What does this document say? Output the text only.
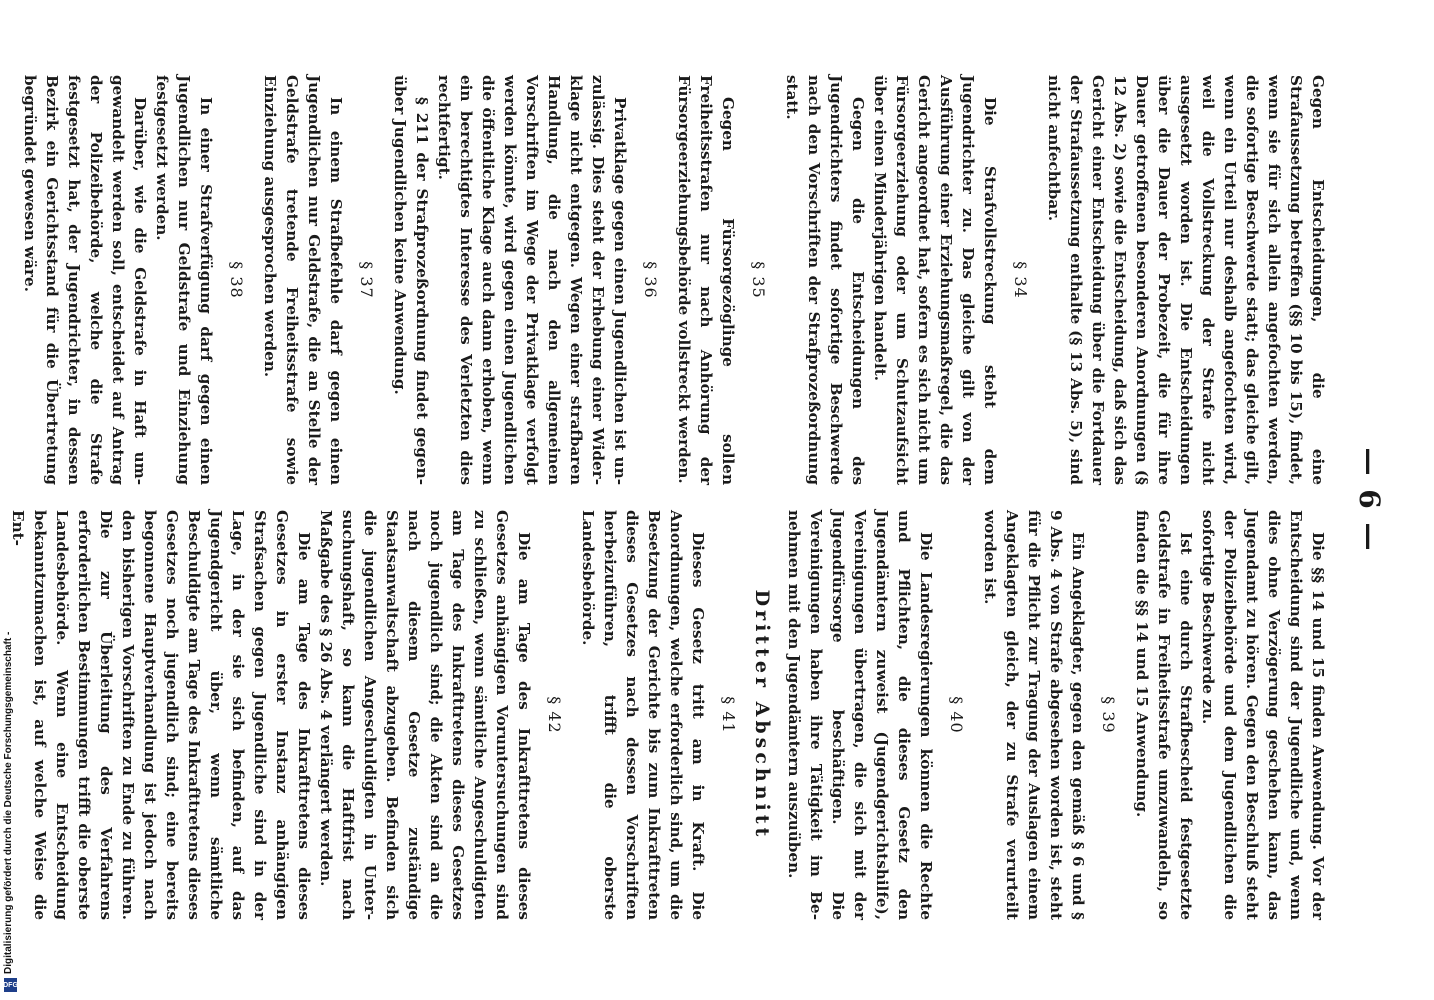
— 6 —

Gegen Entscheidungen, die eine Strafaussetzung betreffen (§§ 10 bis 15), findet, wenn sie für sich allein angefochten werden, die sofortige Beschwerde statt; das gleiche gilt, wenn ein Urteil nur deshalb angefochten wird, weil die Vollstreckung der Strafe nicht ausgesetzt worden ist. Die Entscheidungen über die Dauer der Probezeit, die für ihre Dauer getroffenen besonderen Anordnungen (§ 12 Abs. 2) sowie die Entscheidung, daß sich das Gericht einer Entscheidung über die Fortdauer der Strafaussetzung enthalte (§ 13 Abs. 5), sind nicht anfechtbar.

§ 34

Die Strafvollstreckung steht dem Jugendrichter zu. Das gleiche gilt von der Ausführung einer Erziehungsmaßregel, die das Gericht angeordnet hat, sofern es sich nicht um Fürsorgeerziehung oder um Schutzaufsicht über einen Minderjährigen handelt.

Gegen die Entscheidungen des Jugendrichters findet sofortige Beschwerde nach den Vorschriften der Strafprozeßordnung statt.

§ 35

Gegen Fürsorgezöglinge sollen Freiheitsstrafen nur nach Anhörung der Fürsorgeerziehungsbehörde vollstreckt werden.

§ 36

Privatklage gegen einen Jugendlichen ist unzulässig. Dies steht der Erhebung einer Widerklage nicht entgegen. Wegen einer strafbaren Handlung, die nach den allgemeinen Vorschriften im Wege der Privatklage verfolgt werden könnte, wird gegen einen Jugendlichen die öffentliche Klage auch dann erhoben, wenn ein berechtigtes Interesse des Verletzten dies rechtfertigt.

§ 211 der Strafprozeßordnung findet gegenüber Jugendlichen keine Anwendung.

§ 37

In einem Strafbefehle darf gegen einen Jugendlichen nur Geldstrafe, die an Stelle der Geldstrafe tretende Freiheitsstrafe sowie Einziehung ausgesprochen werden.

§ 38

In einer Strafverfügung darf gegen einen Jugendlichen nur Geldstrafe und Einziehung festgesetzt werden.

Darüber, wie die Geldstrafe in Haft umgewandelt werden soll, entscheidet auf Antrag der Polizeibehörde, welche die Strafe festgesetzt hat, der Jugendrichter, in dessen Bezirk ein Gerichtsstand für die Übertretung begründet gewesen wäre.

Die §§ 14 und 15 finden Anwendung. Vor der Entscheidung sind der Jugendliche und, wenn dies ohne Verzögerung geschehen kann, das Jugendamt zu hören. Gegen den Beschluß steht der Polizeibehörde und dem Jugendlichen die sofortige Beschwerde zu.

Ist eine durch Strafbescheid festgesetzte Geldstrafe in Freiheitsstrafe umzuwandeln, so finden die §§ 14 und 15 Anwendung.

§ 39

Ein Angeklagter, gegen den gemäß § 6 und § 9 Abs. 4 von Strafe abgesehen worden ist, steht für die Pflicht zur Tragung der Auslagen einem Angeklagten gleich, der zu Strafe verurteilt worden ist.

§ 40

Die Landesregierungen können die Rechte und Pflichten, die dieses Gesetz den Jugendämtern zuweist (Jugendgerichtshilfe), Vereinigungen übertragen, die sich mit der Jugendfürsorge beschäftigen. Die Vereinigungen haben ihre Tätigkeit im Benehmen mit den Jugendämtern auszuüben.

Dritter Abschnitt
§ 41

Dieses Gesetz tritt am in Kraft. Die Anordnungen, welche erforderlich sind, um die Besetzung der Gerichte bis zum Inkrafttreten dieses Gesetzes nach dessen Vorschriften herbeizuführen, trifft die oberste Landesbehörde.

§ 42

Die am Tage des Inkrafttretens dieses Gesetzes anhängigen Voruntersuchungen sind zu schließen, wenn sämtliche Angeschuldigten am Tage des Inkrafttretens dieses Gesetzes noch jugendlich sind; die Akten sind an die nach diesem Gesetze zuständige Staatsanwaltschaft abzugeben. Befinden sich die jugendlichen Angeschuldigten in Untersuchungshaft, so kann die Haftfrist nach Maßgabe des § 26 Abs. 4 verlängert werden.

Die am Tage des Inkrafttretens dieses Gesetzes in erster Instanz anhängigen Strafsachen gegen Jugendliche sind in der Lage, in der sie sich befinden, auf das Jugendgericht über, wenn sämtliche Beschuldigte am Tage des Inkrafttretens dieses Gesetzes noch jugendlich sind; eine bereits begonnene Hauptverhandlung ist jedoch nach den bisherigen Vorschriften zu Ende zu führen. Die zur Überleitung des Verfahrens erforderlichen Bestimmungen trifft die oberste Landesbehörde. Wenn eine Entscheidung bekanntzumachen ist, auf welche Weise die Ent-

Digitalisierung gefördert durch die Deutsche Forschungsgemeinschaft -
DFG
